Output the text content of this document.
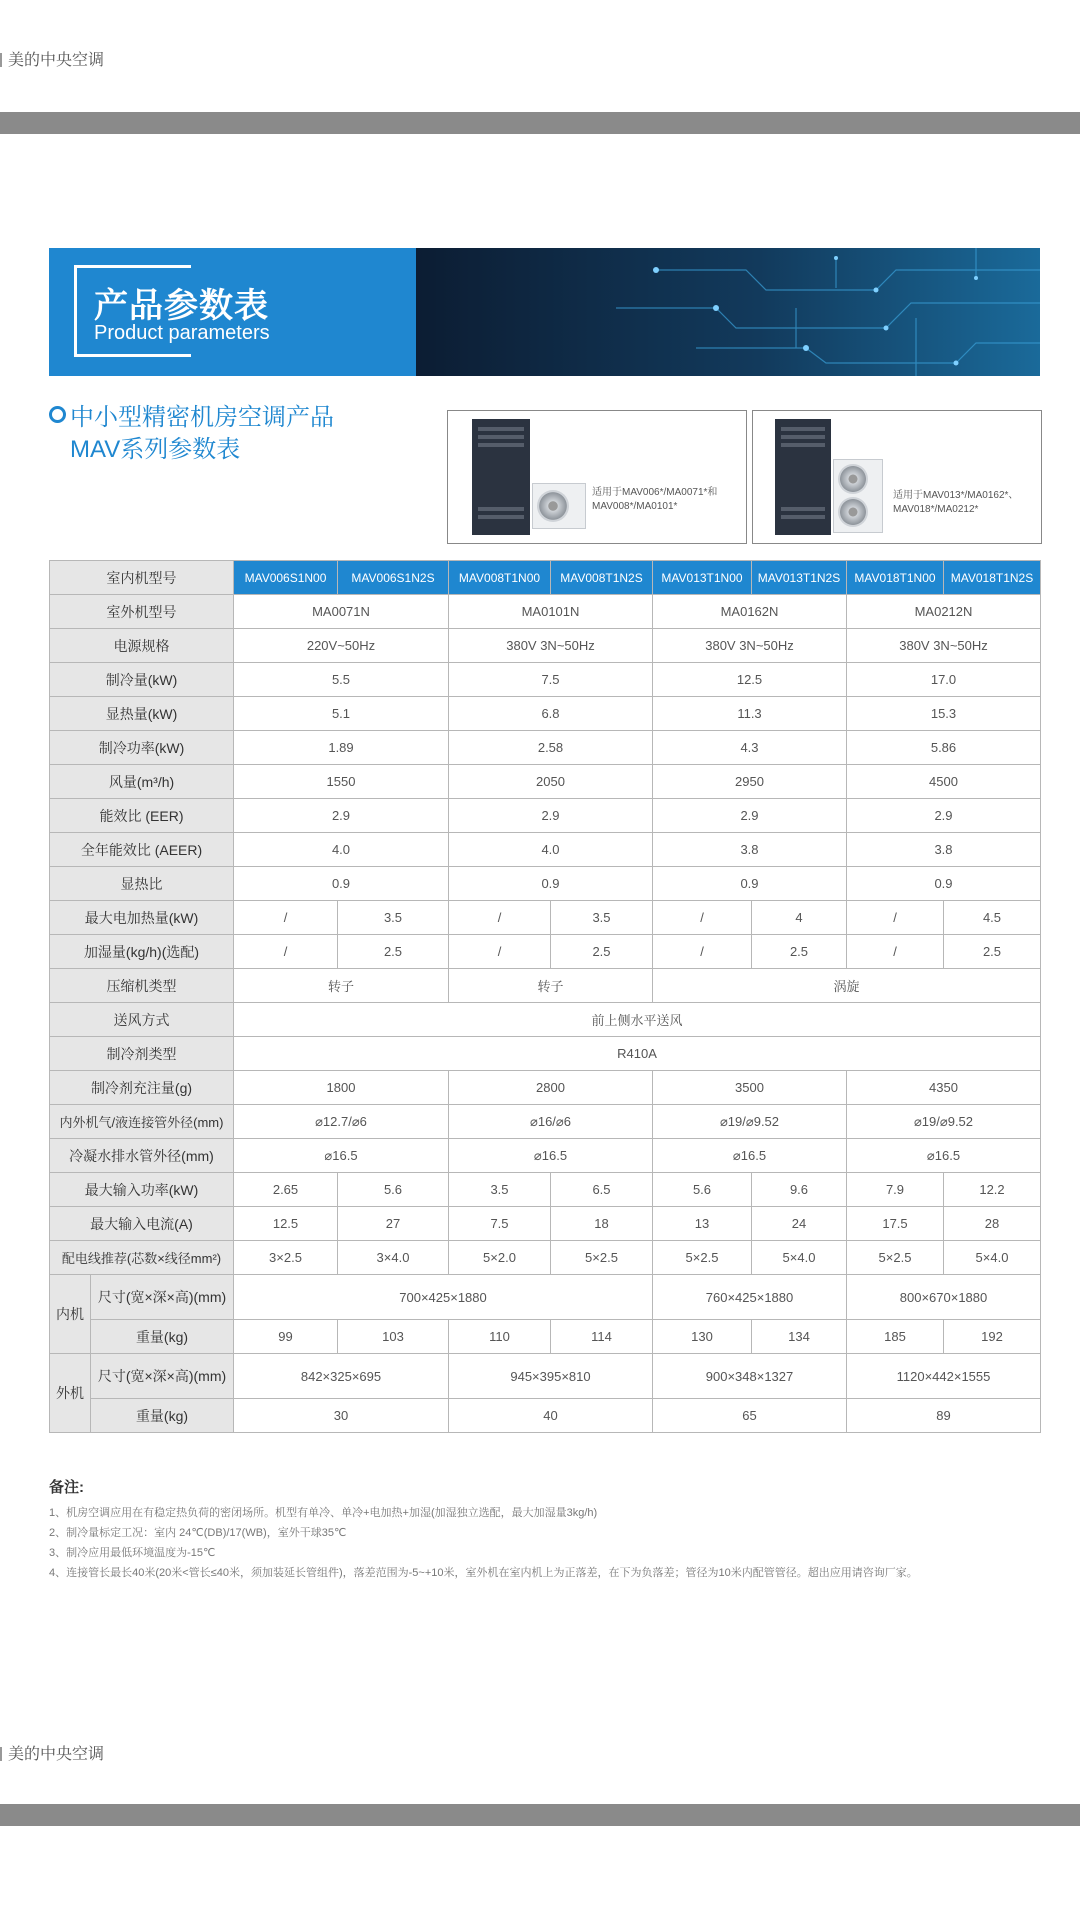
美的中央空调
产品参数表
Product parameters
中小型精密机房空调产品
MAV系列参数表
适用于MAV006*/MA0071*和MAV008*/MA0101*
适用于MAV013*/MA0162*、MAV018*/MA0212*
室内机型号		MAV006S1N00	MAV006S1N2S	MAV008T1N00	MAV008T1N2S	MAV013T1N00	MAV013T1N2S	MAV018T1N00	MAV018T1N2S
室外机型号		MA0071N		MA0101N		MA0162N		MA0212N	
电源规格		220V~50Hz		380V 3N~50Hz		380V 3N~50Hz		380V 3N~50Hz	
制冷量(kW)		5.5		7.5		12.5		17.0	
显热量(kW)		5.1		6.8		11.3		15.3	
制冷功率(kW)		1.89		2.58		4.3		5.86	
风量(m³/h)		1550		2050		2950		4500	
能效比 (EER)		2.9		2.9		2.9		2.9	
全年能效比 (AEER)		4.0		4.0		3.8		3.8	
显热比		0.9		0.9		0.9		0.9	
最大电加热量(kW)		/	3.5	/	3.5	/	4	/	4.5
加湿量(kg/h)(选配)		/	2.5	/	2.5	/	2.5	/	2.5
压缩机类型		转子		转子		涡旋			
送风方式		前上侧水平送风							
制冷剂类型		R410A							
制冷剂充注量(g)		1800		2800		3500		4350	
内外机气/液连接管外径(mm)		⌀12.7/⌀6		⌀16/⌀6		⌀19/⌀9.52		⌀19/⌀9.52	
冷凝水排水管外径(mm)		⌀16.5		⌀16.5		⌀16.5		⌀16.5	
最大输入功率(kW)		2.65	5.6	3.5	6.5	5.6	9.6	7.9	12.2
最大输入电流(A)		12.5	27	7.5	18	13	24	17.5	28
配电线推荐(芯数×线径mm²)		3×2.5	3×4.0	5×2.0	5×2.5	5×2.5	5×4.0	5×2.5	5×4.0
内机	尺寸(宽×深×高)(mm)	700×425×1880				760×425×1880		800×670×1880	
	重量(kg)	99	103	110	114	130	134	185	192
外机	尺寸(宽×深×高)(mm)	842×325×695		945×395×810		900×348×1327		1120×442×1555	
	重量(kg)	30		40		65		89	
备注:
1、机房空调应用在有稳定热负荷的密闭场所。机型有单冷、单冷+电加热+加湿(加湿独立选配，最大加湿量3kg/h)
2、制冷量标定工况：室内 24℃(DB)/17(WB)，室外干球35℃
3、制冷应用最低环境温度为-15℃
4、连接管长最长40米(20米<管长≤40米，须加装延长管组件)，落差范围为-5~+10米，室外机在室内机上为正落差，在下为负落差；管径为10米内配管管径。超出应用请咨询厂家。
美的中央空调
